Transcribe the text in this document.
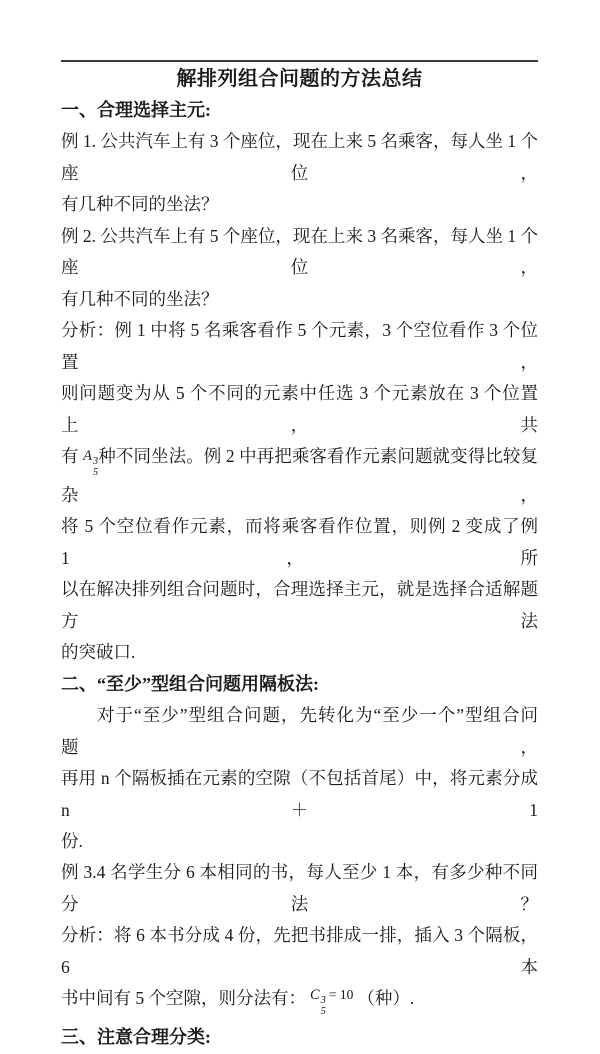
解排列组合问题的方法总结
一、合理选择主元:
例 1. 公共汽车上有 3 个座位，现在上来 5 名乘客，每人坐 1 个座位，
有几种不同的坐法？
例 2. 公共汽车上有 5 个座位，现在上来 3 名乘客，每人坐 1 个座位，
有几种不同的坐法？
分析：例 1 中将 5 名乘客看作 5 个元素，3 个空位看作 3 个位置，
则问题变为从 5 个不同的元素中任选 3 个元素放在 3 个位置上，共
有 A 3
5
种不同坐法。例 2 中再把乘客看作元素问题就变得比较复杂，
将 5 个空位看作元素，而将乘客看作位置，则例 2 变成了例 1，所
以在解决排列组合问题时，合理选择主元，就是选择合适解题方法
的突破口.
二、“至少”型组合问题用隔板法:
对于“至少”型组合问题，先转化为“至少一个”型组合问题，
再用 n 个隔板插在元素的空隙（不包括首尾）中，将元素分成 n＋1
份.
例 3.4 名学生分 6 本相同的书，每人至少 1 本，有多少种不同分法？
分析：将 6 本书分成 4 份，先把书排成一排，插入 3 个隔板，6 本
书中间有 5 个空隙，则分法有： C 3
5
= 10 （种）.
三、注意合理分类:
